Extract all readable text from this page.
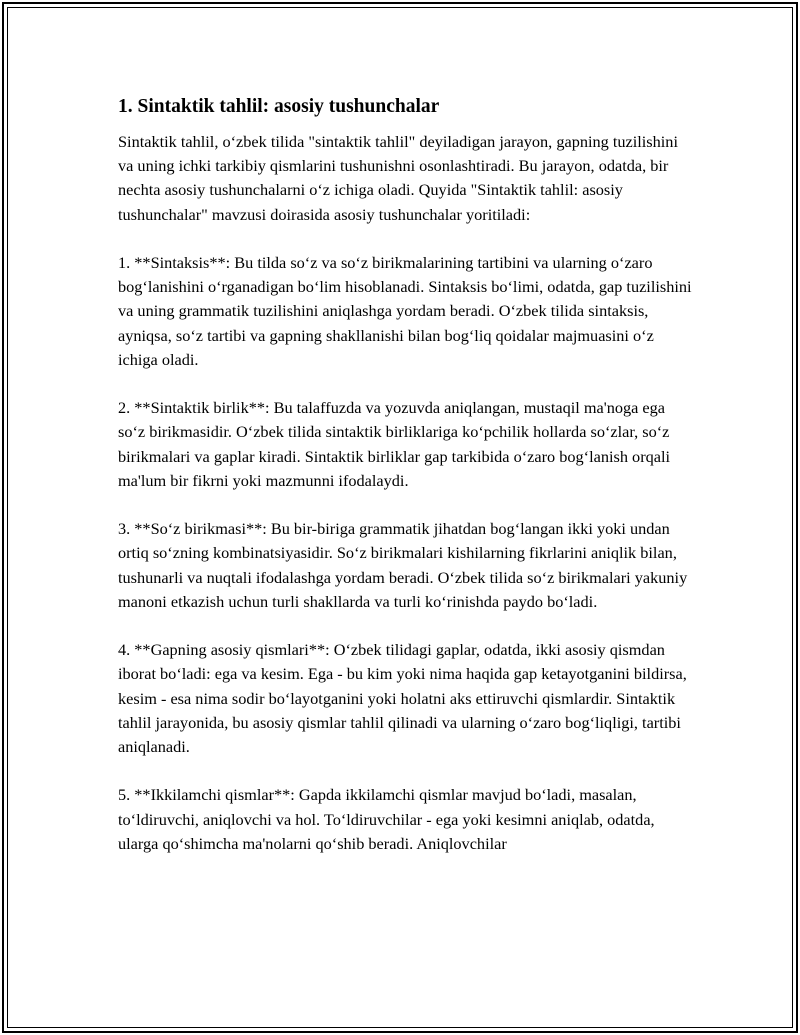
1. Sintaktik tahlil: asosiy tushunchalar

Sintaktik tahlil, o‘zbek tilida "sintaktik tahlil" deyiladigan jarayon, gapning tuzilishini va uning ichki tarkibiy qismlarini tushunishni osonlashtiradi. Bu jarayon, odatda, bir nechta asosiy tushunchalarni o‘z ichiga oladi. Quyida "Sintaktik tahlil: asosiy tushunchalar" mavzusi doirasida asosiy tushunchalar yoritiladi:

1. **Sintaksis**: Bu tilda so‘z va so‘z birikmalarining tartibini va ularning o‘zaro bog‘lanishini o‘rganadigan bo‘lim hisoblanadi. Sintaksis bo‘limi, odatda, gap tuzilishini va uning grammatik tuzilishini aniqlashga yordam beradi. O‘zbek tilida sintaksis, ayniqsa, so‘z tartibi va gapning shakllanishi bilan bog‘liq qoidalar majmuasini o‘z ichiga oladi.

2. **Sintaktik birlik**: Bu talaffuzda va yozuvda aniqlangan, mustaqil ma'noga ega so‘z birikmasidir. O‘zbek tilida sintaktik birliklariga ko‘pchilik hollarda so‘zlar, so‘z birikmalari va gaplar kiradi. Sintaktik birliklar gap tarkibida o‘zaro bog‘lanish orqali ma'lum bir fikrni yoki mazmunni ifodalaydi.

3. **So‘z birikmasi**: Bu bir-biriga grammatik jihatdan bog‘langan ikki yoki undan ortiq so‘zning kombinatsiyasidir. So‘z birikmalari kishilarning fikrlarini aniqlik bilan, tushunarli va nuqtali ifodalashga yordam beradi. O‘zbek tilida so‘z birikmalari yakuniy manoni etkazish uchun turli shakllarda va turli ko‘rinishda paydo bo‘ladi.

4. **Gapning asosiy qismlari**: O‘zbek tilidagi gaplar, odatda, ikki asosiy qismdan iborat bo‘ladi: ega va kesim. Ega - bu kim yoki nima haqida gap ketayotganini bildirsa, kesim - esa nima sodir bo‘layotganini yoki holatni aks ettiruvchi qismlardir. Sintaktik tahlil jarayonida, bu asosiy qismlar tahlil qilinadi va ularning o‘zaro bog‘liqligi, tartibi aniqlanadi.

5. **Ikkilamchi qismlar**: Gapda ikkilamchi qismlar mavjud bo‘ladi, masalan, to‘ldiruvchi, aniqlovchi va hol. To‘ldiruvchilar - ega yoki kesimni aniqlab, odatda, ularga qo‘shimcha ma'nolarni qo‘shib beradi. Aniqlovchilar
